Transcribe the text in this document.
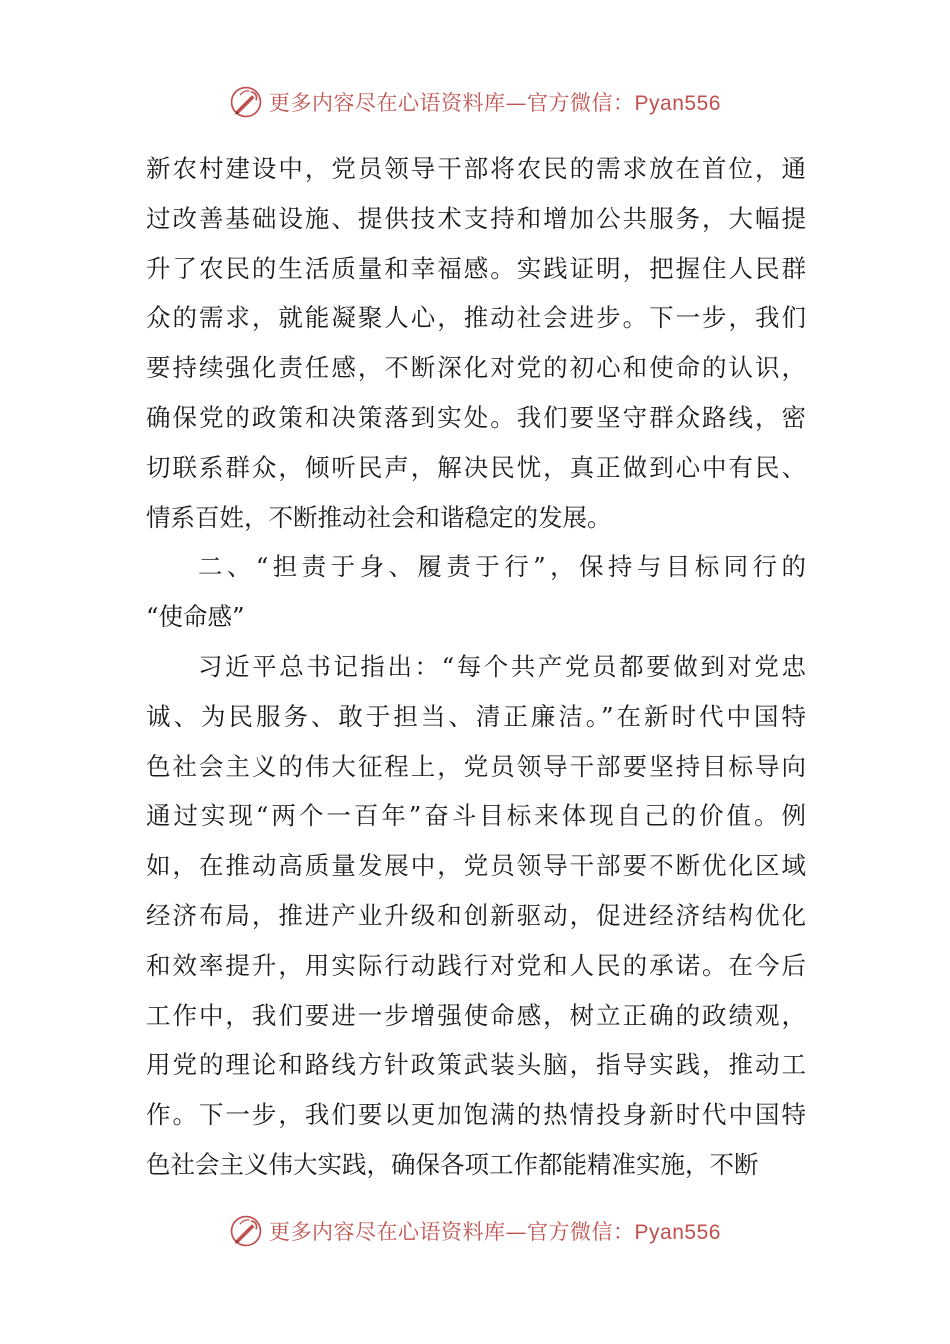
更多内容尽在心语资料库—官方微信：Pyan556
新农村建设中，党员领导干部将农民的需求放在首位，通
过改善基础设施、提供技术支持和增加公共服务，大幅提
升了农民的生活质量和幸福感。实践证明，把握住人民群
众的需求，就能凝聚人心，推动社会进步。下一步，我们
要持续强化责任感，不断深化对党的初心和使命的认识，
确保党的政策和决策落到实处。我们要坚守群众路线，密
切联系群众，倾听民声，解决民忧，真正做到心中有民、
情系百姓，不断推动社会和谐稳定的发展。
二、“担责于身、履责于行”，保持与目标同行的
“使命感”
习近平总书记指出：“每个共产党员都要做到对党忠
诚、为民服务、敢于担当、清正廉洁。”在新时代中国特
色社会主义的伟大征程上，党员领导干部要坚持目标导向
通过实现“两个一百年”奋斗目标来体现自己的价值。例
如，在推动高质量发展中，党员领导干部要不断优化区域
经济布局，推进产业升级和创新驱动，促进经济结构优化
和效率提升，用实际行动践行对党和人民的承诺。在今后
工作中，我们要进一步增强使命感，树立正确的政绩观，
用党的理论和路线方针政策武装头脑，指导实践，推动工
作。下一步，我们要以更加饱满的热情投身新时代中国特
色社会主义伟大实践，确保各项工作都能精准实施，不断
更多内容尽在心语资料库—官方微信：Pyan556
